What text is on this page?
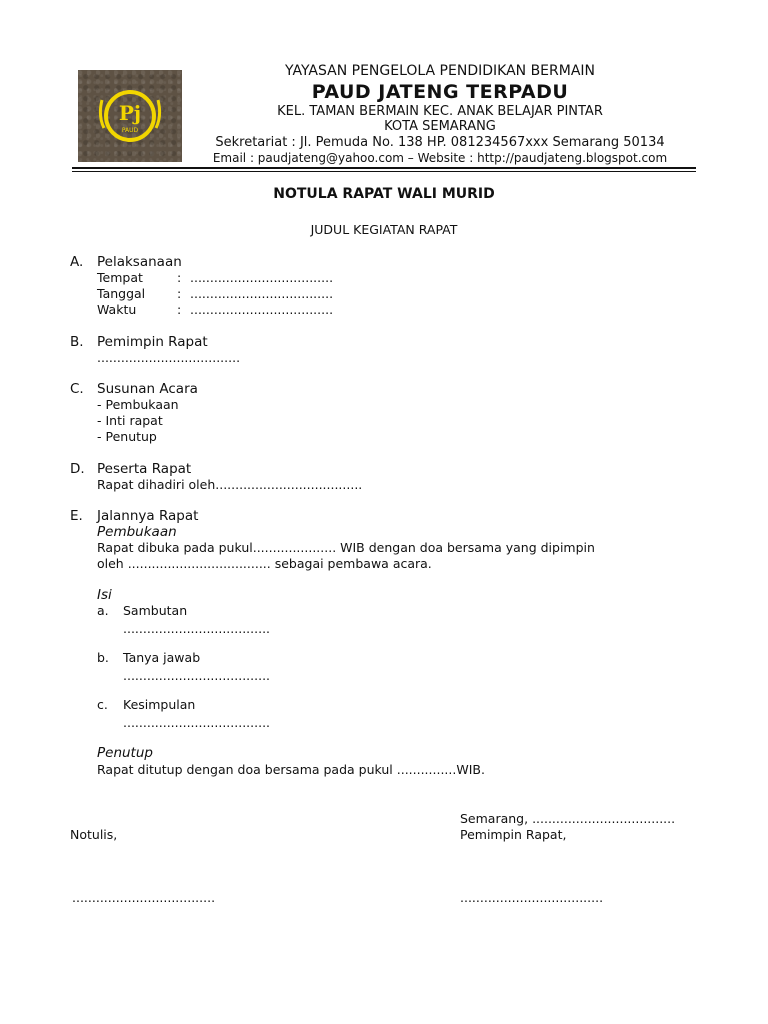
Pj
PAUD
YAYASAN PENGELOLA PENDIDIKAN BERMAIN
PAUD JATENG TERPADU
KEL. TAMAN BERMAIN KEC. ANAK BELAJAR PINTAR
KOTA SEMARANG
Sekretariat : Jl. Pemuda No. 138 HP. 081234567xxx Semarang 50134
Email : paudjateng@yahoo.com – Website : http://paudjateng.blogspot.com
NOTULA RAPAT WALI MURID
JUDUL KEGIATAN RAPAT
A. Pelaksanaan
Tempat	: ....................................
Tanggal	: ....................................
Waktu	: ....................................
B. Pemimpin Rapat
....................................
C. Susunan Acara
- Pembukaan
- Inti rapat
- Penutup
D. Peserta Rapat
Rapat dihadiri oleh.....................................
E. Jalannya Rapat
Pembukaan
Rapat dibuka pada pukul..................... WIB dengan doa bersama yang dipimpin
oleh .................................... sebagai pembawa acara.
Isi
a. Sambutan
.....................................
b. Tanya jawab
.....................................
c. Kesimpulan
.....................................
Penutup
Rapat ditutup dengan doa bersama pada pukul ...............WIB.
Semarang, ....................................
Notulis,	Pemimpin Rapat,
....................................	....................................
